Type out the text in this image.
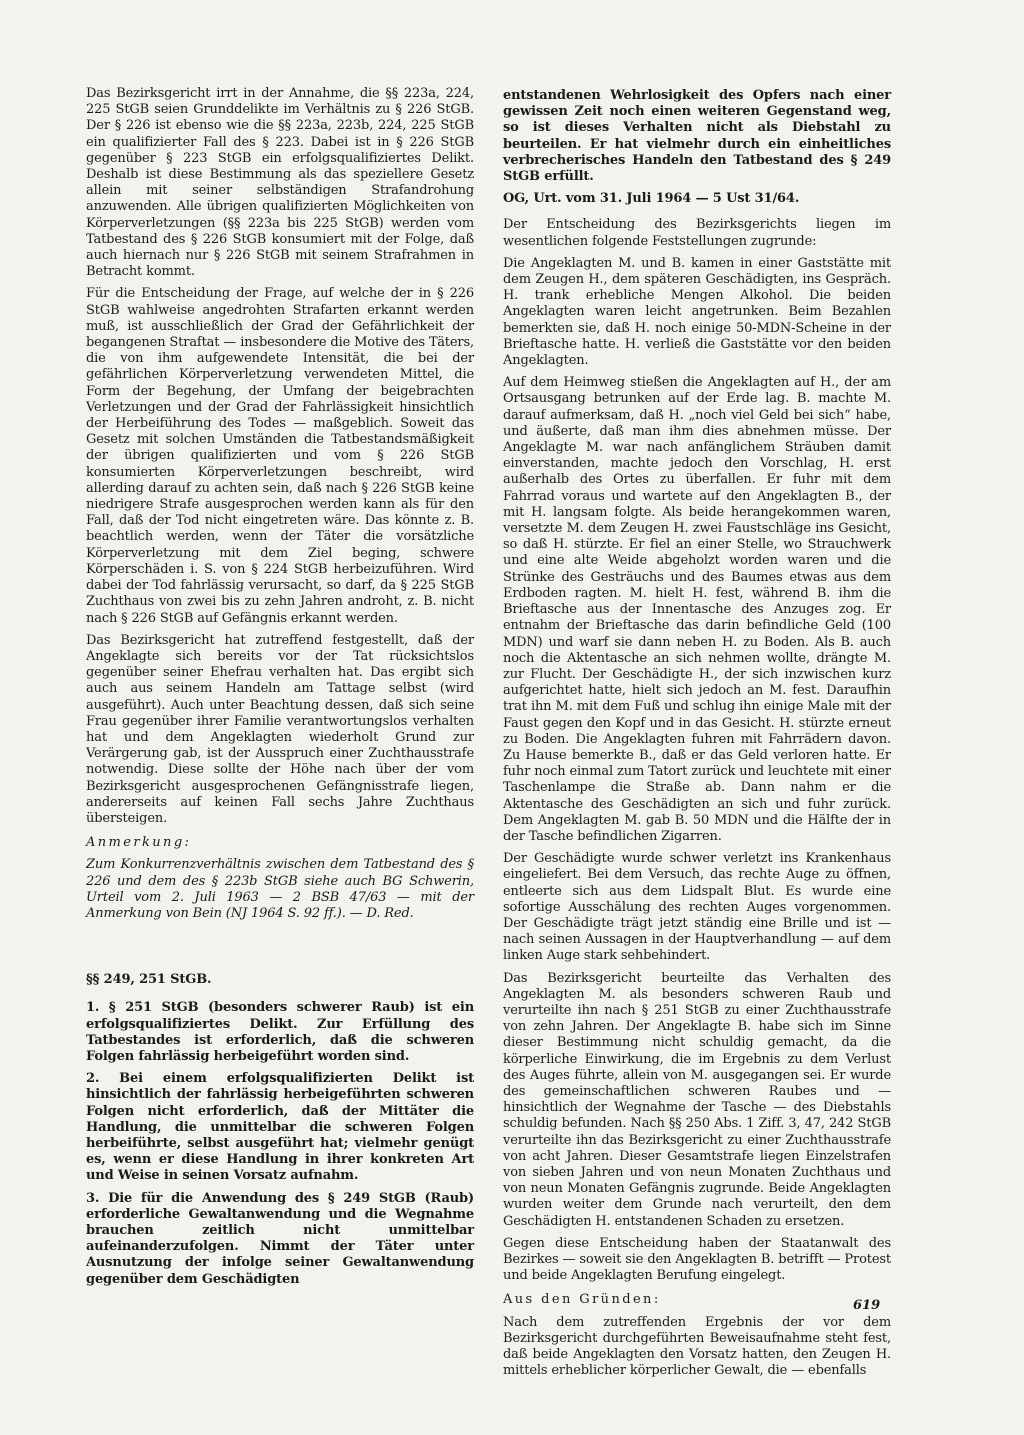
Das Bezirksgericht irrt in der Annahme, die §§ 223a, 224, 225 StGB seien Grunddelikte im Verhältnis zu § 226 StGB. Der § 226 ist ebenso wie die §§ 223a, 223b, 224, 225 StGB ein qualifizierter Fall des § 223. Dabei ist in § 226 StGB gegenüber § 223 StGB ein erfolgsqualifiziertes Delikt. Deshalb ist diese Bestimmung als das speziellere Gesetz allein mit seiner selbständigen Strafandrohung anzuwenden. Alle übrigen qualifizierten Möglichkeiten von Körperverletzungen (§§ 223a bis 225 StGB) werden vom Tatbestand des § 226 StGB konsumiert mit der Folge, daß auch hiernach nur § 226 StGB mit seinem Strafrahmen in Betracht kommt.

Für die Entscheidung der Frage, auf welche der in § 226 StGB wahlweise angedrohten Strafarten erkannt werden muß, ist ausschließlich der Grad der Gefährlichkeit der begangenen Straftat — insbesondere die Motive des Täters, die von ihm aufgewendete Intensität, die bei der gefährlichen Körperverletzung verwendeten Mittel, die Form der Begehung, der Umfang der beigebrachten Verletzungen und der Grad der Fahrlässigkeit hinsichtlich der Herbeiführung des Todes — maßgeblich. Soweit das Gesetz mit solchen Umständen die Tatbestandsmäßigkeit der übrigen qualifizierten und vom § 226 StGB konsumierten Körperverletzungen beschreibt, wird allerding darauf zu achten sein, daß nach § 226 StGB keine niedrigere Strafe ausgesprochen werden kann als für den Fall, daß der Tod nicht eingetreten wäre. Das könnte z. B. beachtlich werden, wenn der Täter die vorsätzliche Körperverletzung mit dem Ziel beging, schwere Körperschäden i. S. von § 224 StGB herbeizuführen. Wird dabei der Tod fahrlässig verursacht, so darf, da § 225 StGB Zuchthaus von zwei bis zu zehn Jahren androht, z. B. nicht nach § 226 StGB auf Gefängnis erkannt werden.

Das Bezirksgericht hat zutreffend festgestellt, daß der Angeklagte sich bereits vor der Tat rücksichtslos gegenüber seiner Ehefrau verhalten hat. Das ergibt sich auch aus seinem Handeln am Tattage selbst (wird ausgeführt). Auch unter Beachtung dessen, daß sich seine Frau gegenüber ihrer Familie verantwortungslos verhalten hat und dem Angeklagten wiederholt Grund zur Verärgerung gab, ist der Ausspruch einer Zuchthausstrafe notwendig. Diese sollte der Höhe nach über der vom Bezirksgericht ausgesprochenen Gefängnisstrafe liegen, andererseits auf keinen Fall sechs Jahre Zuchthaus übersteigen.

Anmerkung:

Zum Konkurrenzverhältnis zwischen dem Tatbestand des § 226 und dem des § 223b StGB siehe auch BG Schwerin, Urteil vom 2. Juli 1963 — 2 BSB 47/63 — mit der Anmerkung von Bein (NJ 1964 S. 92 ff.). — D. Red.

§§ 249, 251 StGB.

1. § 251 StGB (besonders schwerer Raub) ist ein erfolgsqualifiziertes Delikt. Zur Erfüllung des Tatbestandes ist erforderlich, daß die schweren Folgen fahrlässig herbeigeführt worden sind.

2. Bei einem erfolgsqualifizierten Delikt ist hinsichtlich der fahrlässig herbeigeführten schweren Folgen nicht erforderlich, daß der Mittäter die Handlung, die unmittelbar die schweren Folgen herbeiführte, selbst ausgeführt hat; vielmehr genügt es, wenn er diese Handlung in ihrer konkreten Art und Weise in seinen Vorsatz aufnahm.

3. Die für die Anwendung des § 249 StGB (Raub) erforderliche Gewaltanwendung und die Wegnahme brauchen zeitlich nicht unmittelbar aufeinanderzufolgen. Nimmt der Täter unter Ausnutzung der infolge seiner Gewaltanwendung gegenüber dem Geschädigten

entstandenen Wehrlosigkeit des Opfers nach einer gewissen Zeit noch einen weiteren Gegenstand weg, so ist dieses Verhalten nicht als Diebstahl zu beurteilen. Er hat vielmehr durch ein einheitliches verbrecherisches Handeln den Tatbestand des § 249 StGB erfüllt.

OG, Urt. vom 31. Juli 1964 — 5 Ust 31/64.

Der Entscheidung des Bezirksgerichts liegen im wesentlichen folgende Feststellungen zugrunde:

Die Angeklagten M. und B. kamen in einer Gaststätte mit dem Zeugen H., dem späteren Geschädigten, ins Gespräch. H. trank erhebliche Mengen Alkohol. Die beiden Angeklagten waren leicht angetrunken. Beim Bezahlen bemerkten sie, daß H. noch einige 50-MDN-Scheine in der Brieftasche hatte. H. verließ die Gaststätte vor den beiden Angeklagten.

Auf dem Heimweg stießen die Angeklagten auf H., der am Ortsausgang betrunken auf der Erde lag. B. machte M. darauf aufmerksam, daß H. „noch viel Geld bei sich“ habe, und äußerte, daß man ihm dies abnehmen müsse. Der Angeklagte M. war nach anfänglichem Sträuben damit einverstanden, machte jedoch den Vorschlag, H. erst außerhalb des Ortes zu überfallen. Er fuhr mit dem Fahrrad voraus und wartete auf den Angeklagten B., der mit H. langsam folgte. Als beide herangekommen waren, versetzte M. dem Zeugen H. zwei Faustschläge ins Gesicht, so daß H. stürzte. Er fiel an einer Stelle, wo Strauchwerk und eine alte Weide abgeholzt worden waren und die Strünke des Gesträuchs und des Baumes etwas aus dem Erdboden ragten. M. hielt H. fest, während B. ihm die Brieftasche aus der Innentasche des Anzuges zog. Er entnahm der Brieftasche das darin befindliche Geld (100 MDN) und warf sie dann neben H. zu Boden. Als B. auch noch die Aktentasche an sich nehmen wollte, drängte M. zur Flucht. Der Geschädigte H., der sich inzwischen kurz aufgerichtet hatte, hielt sich jedoch an M. fest. Daraufhin trat ihn M. mit dem Fuß und schlug ihn einige Male mit der Faust gegen den Kopf und in das Gesicht. H. stürzte erneut zu Boden. Die Angeklagten fuhren mit Fahrrädern davon. Zu Hause bemerkte B., daß er das Geld verloren hatte. Er fuhr noch einmal zum Tatort zurück und leuchtete mit einer Taschenlampe die Straße ab. Dann nahm er die Aktentasche des Geschädigten an sich und fuhr zurück. Dem Angeklagten M. gab B. 50 MDN und die Hälfte der in der Tasche befindlichen Zigarren.

Der Geschädigte wurde schwer verletzt ins Krankenhaus eingeliefert. Bei dem Versuch, das rechte Auge zu öffnen, entleerte sich aus dem Lidspalt Blut. Es wurde eine sofortige Ausschälung des rechten Auges vorgenommen. Der Geschädigte trägt jetzt ständig eine Brille und ist — nach seinen Aussagen in der Hauptverhandlung — auf dem linken Auge stark sehbehindert.

Das Bezirksgericht beurteilte das Verhalten des Angeklagten M. als besonders schweren Raub und verurteilte ihn nach § 251 StGB zu einer Zuchthausstrafe von zehn Jahren. Der Angeklagte B. habe sich im Sinne dieser Bestimmung nicht schuldig gemacht, da die körperliche Einwirkung, die im Ergebnis zu dem Verlust des Auges führte, allein von M. ausgegangen sei. Er wurde des gemeinschaftlichen schweren Raubes und — hinsichtlich der Wegnahme der Tasche — des Diebstahls schuldig befunden. Nach §§ 250 Abs. 1 Ziff. 3, 47, 242 StGB verurteilte ihn das Bezirksgericht zu einer Zuchthausstrafe von acht Jahren. Dieser Gesamtstrafe liegen Einzelstrafen von sieben Jahren und von neun Monaten Zuchthaus und von neun Monaten Gefängnis zugrunde. Beide Angeklagten wurden weiter dem Grunde nach verurteilt, den dem Geschädigten H. entstandenen Schaden zu ersetzen.

Gegen diese Entscheidung haben der Staatanwalt des Bezirkes — soweit sie den Angeklagten B. betrifft — Protest und beide Angeklagten Berufung eingelegt.

Aus den Gründen:

Nach dem zutreffenden Ergebnis der vor dem Bezirksgericht durchgeführten Beweisaufnahme steht fest, daß beide Angeklagten den Vorsatz hatten, den Zeugen H. mittels erheblicher körperlicher Gewalt, die — ebenfalls

619
